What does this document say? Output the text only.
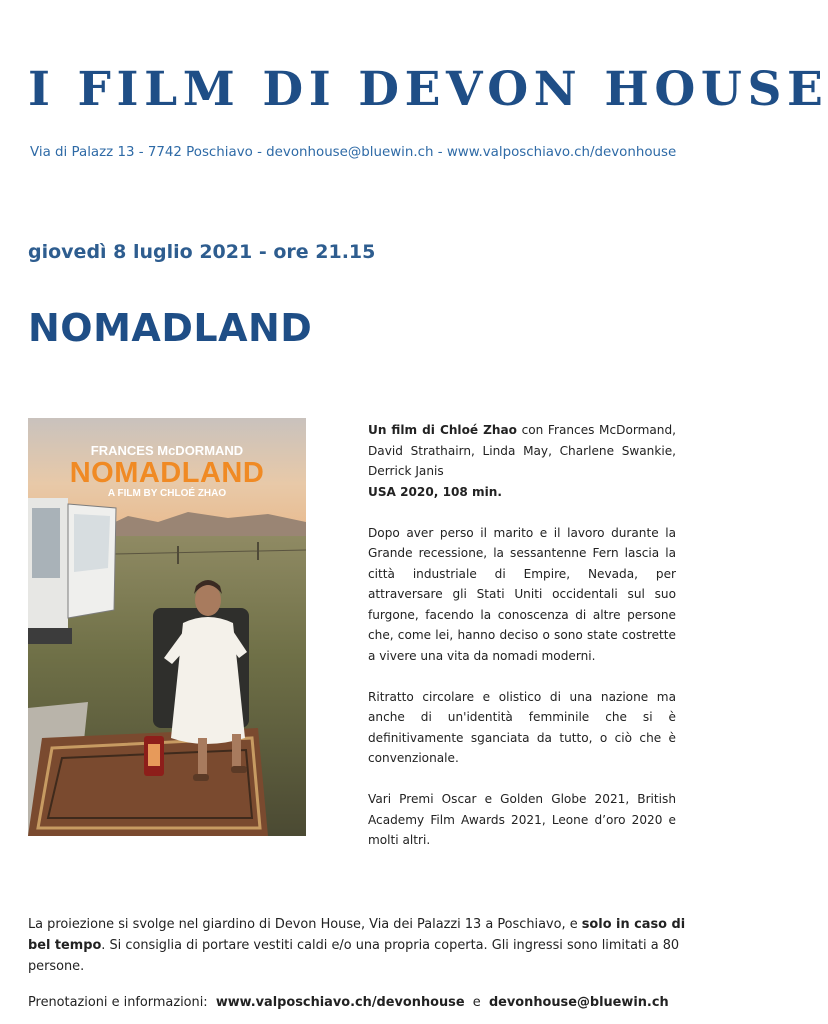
I FILM DI DEVON HOUSE
Via di Palazz 13 - 7742 Poschiavo - devonhouse@bluewin.ch - www.valposchiavo.ch/devonhouse
giovedì 8 luglio 2021 - ore 21.15
NOMADLAND
FRANCES McDORMAND
NOMADLAND
A FILM BY CHLOÉ ZHAO

Un film di Chloé Zhao con Frances McDormand, David Strathairn, Linda May, Charlene Swankie, Derrick Janis

USA 2020, 108 min.

Dopo aver perso il marito e il lavoro durante la Grande recessione, la sessantenne Fern lascia la città industriale di Empire, Nevada, per attraversare gli Stati Uniti occidentali sul suo furgone, facendo la conoscenza di altre persone che, come lei, hanno deciso o sono state costrette a vivere una vita da nomadi moderni.

Ritratto circolare e olistico di una nazione ma anche di un'identità femminile che si è definitivamente sganciata da tutto, o ciò che è convenzionale.

Vari Premi Oscar e Golden Globe 2021, British Academy Film Awards 2021, Leone d’oro 2020 e molti altri.

La proiezione si svolge nel giardino di Devon House, Via dei Palazzi 13 a Poschiavo, e solo in caso di bel tempo. Si consiglia di portare vestiti caldi e/o una propria coperta. Gli ingressi sono limitati a 80 persone.
Prenotazioni e informazioni: www.valposchiavo.ch/devonhouse e devonhouse@bluewin.ch
